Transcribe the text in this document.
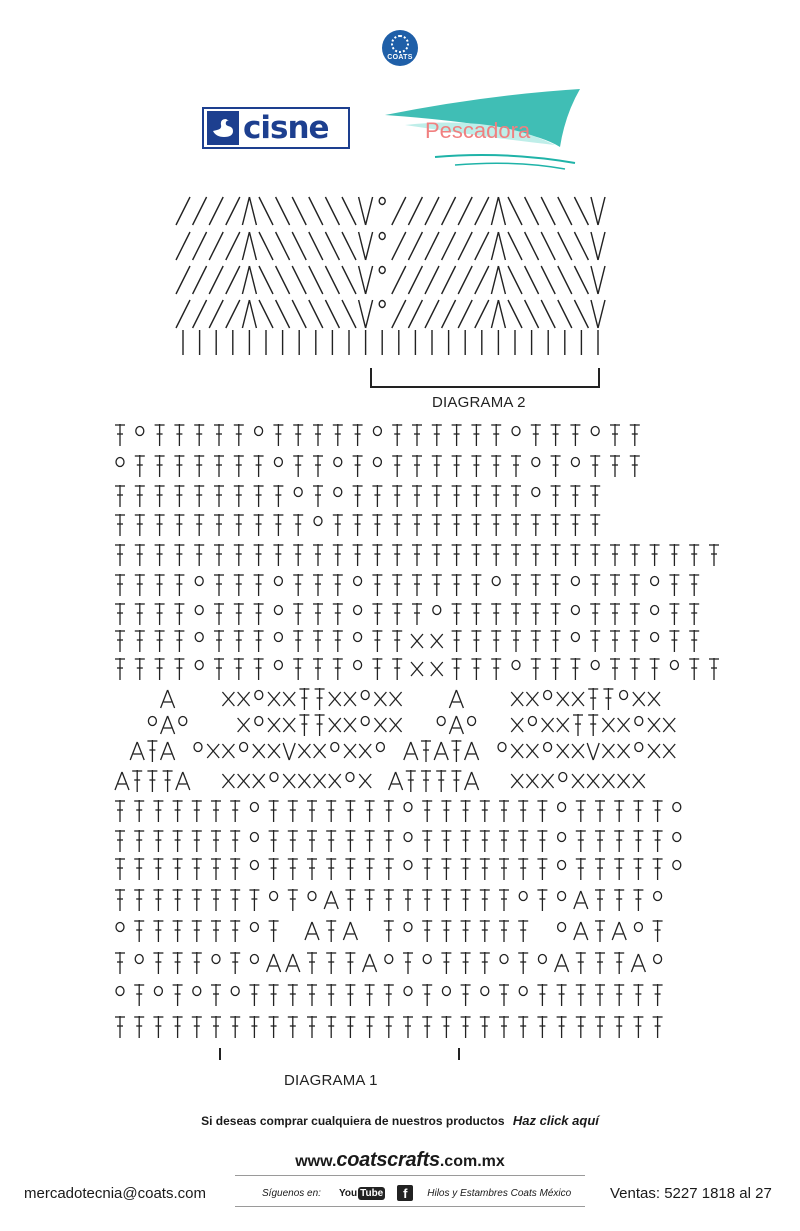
COATS
cisne	Pescadora
DIAGRAMA 2
DIAGRAMA 1
Si deseas comprar cualquiera de nuestros productos Haz click aquí
www.coatscrafts.com.mx
mercadotecnia@coats.com	Síguenos en: You Tube	f	Hilos y Estambres Coats México	Ventas: 5227 1818 al 27
